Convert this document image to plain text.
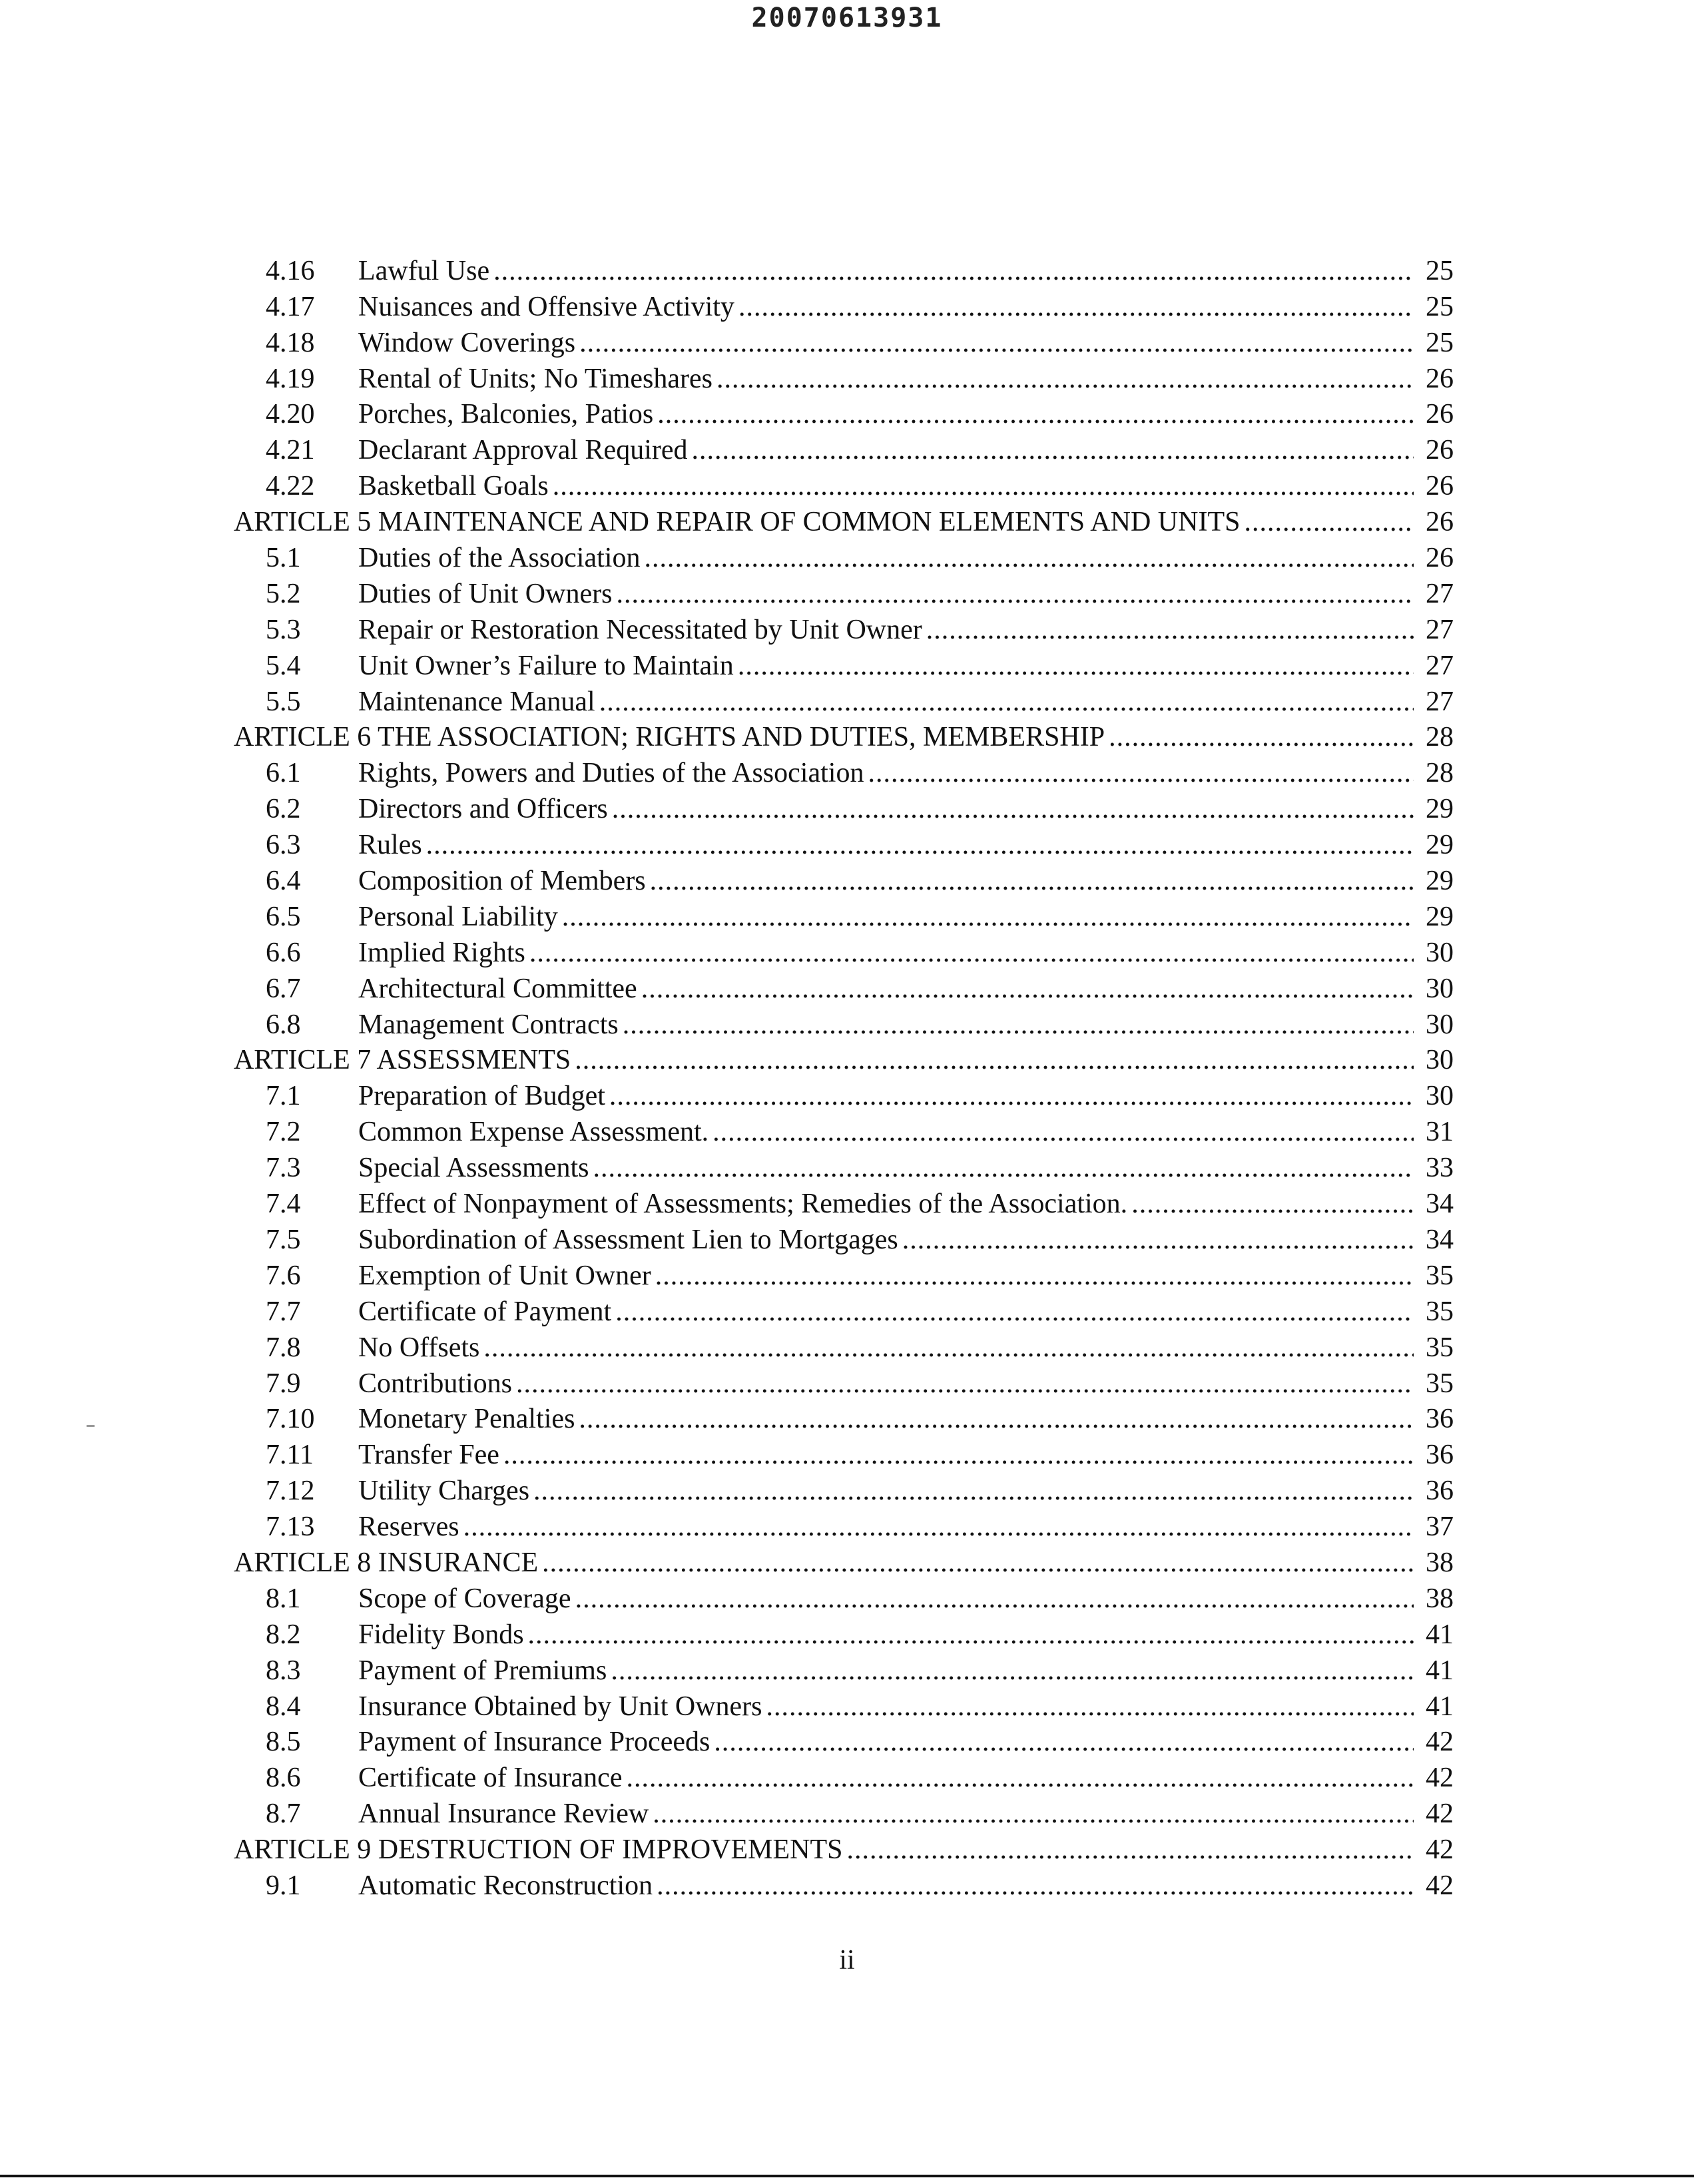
20070613931
4.16	Lawful Use .....	25
4.17	Nuisances and Offensive Activity .....	25
4.18	Window Coverings .....	25
4.19	Rental of Units; No Timeshares .....	26
4.20	Porches, Balconies, Patios .....	26
4.21	Declarant Approval Required .....	26
4.22	Basketball Goals .....	26
ARTICLE 5 MAINTENANCE AND REPAIR OF COMMON ELEMENTS AND UNITS .....	26
5.1	Duties of the Association .....	26
5.2	Duties of Unit Owners .....	27
5.3	Repair or Restoration Necessitated by Unit Owner .....	27
5.4	Unit Owner’s Failure to Maintain .....	27
5.5	Maintenance Manual .....	27
ARTICLE 6 THE ASSOCIATION; RIGHTS AND DUTIES, MEMBERSHIP .....	28
6.1	Rights, Powers and Duties of the Association .....	28
6.2	Directors and Officers .....	29
6.3	Rules .....	29
6.4	Composition of Members .....	29
6.5	Personal Liability .....	29
6.6	Implied Rights .....	30
6.7	Architectural Committee .....	30
6.8	Management Contracts .....	30
ARTICLE 7 ASSESSMENTS .....	30
7.1	Preparation of Budget .....	30
7.2	Common Expense Assessment. .....	31
7.3	Special Assessments .....	33
7.4	Effect of Nonpayment of Assessments; Remedies of the Association. .....	34
7.5	Subordination of Assessment Lien to Mortgages .....	34
7.6	Exemption of Unit Owner .....	35
7.7	Certificate of Payment .....	35
7.8	No Offsets .....	35
7.9	Contributions .....	35
7.10	Monetary Penalties .....	36
7.11	Transfer Fee .....	36
7.12	Utility Charges .....	36
7.13	Reserves .....	37
ARTICLE 8 INSURANCE .....	38
8.1	Scope of Coverage .....	38
8.2	Fidelity Bonds .....	41
8.3	Payment of Premiums .....	41
8.4	Insurance Obtained by Unit Owners .....	41
8.5	Payment of Insurance Proceeds .....	42
8.6	Certificate of Insurance .....	42
8.7	Annual Insurance Review .....	42
ARTICLE 9 DESTRUCTION OF IMPROVEMENTS .....	42
9.1	Automatic Reconstruction .....	42
ii
